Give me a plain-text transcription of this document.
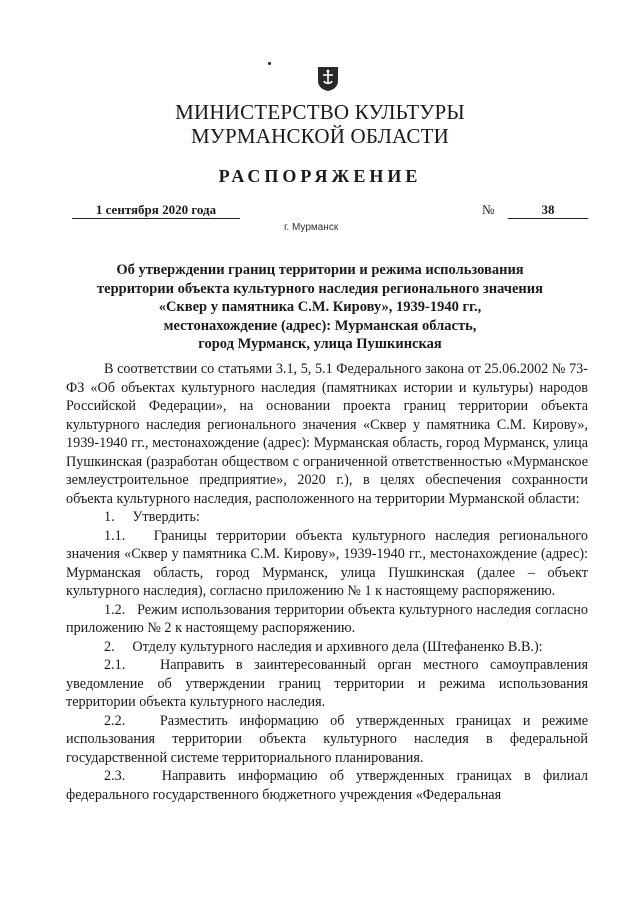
МИНИСТЕРСТВО КУЛЬТУРЫ
МУРМАНСКОЙ ОБЛАСТИ
РАСПОРЯЖЕНИЕ
1 сентября 2020 года	№	38
г. Мурманск
Об утверждении границ территории и режима использования
территории объекта культурного наследия регионального значения
«Сквер у памятника С.М. Кирову», 1939-1940 гг.,
местонахождение (адрес): Мурманская область,
город Мурманск, улица Пушкинская

В соответствии со статьями 3.1, 5, 5.1 Федерального закона от 25.06.2002 № 73-ФЗ «Об объектах культурного наследия (памятниках истории и культуры) народов Российской Федерации», на основании проекта границ территории объекта культурного наследия регионального значения «Сквер у памятника С.М. Кирову», 1939-1940 гг., местонахождение (адрес): Мурманская область, город Мурманск, улица Пушкинская (разработан обществом с ограниченной ответственностью «Мурманское землеустроительное предприятие», 2020 г.), в целях обеспечения сохранности объекта культурного наследия, расположенного на территории Мурманской области:

1.     Утвердить:

1.1.   Границы территории объекта культурного наследия регионального значения «Сквер у памятника С.М. Кирову», 1939-1940 гг., местонахождение (адрес): Мурманская область, город Мурманск, улица Пушкинская (далее – объект культурного наследия), согласно приложению № 1 к настоящему распоряжению.

1.2.   Режим использования территории объекта культурного наследия согласно приложению № 2 к настоящему распоряжению.

2.     Отделу культурного наследия и архивного дела (Штефаненко В.В.):

2.1.   Направить в заинтересованный орган местного самоуправления уведомление об утверждении границ территории и режима использования территории объекта культурного наследия.

2.2.   Разместить информацию об утвержденных границах и режиме использования территории объекта культурного наследия в федеральной государственной системе территориального планирования.

2.3.   Направить информацию об утвержденных границах в филиал федерального государственного бюджетного учреждения «Федеральная
